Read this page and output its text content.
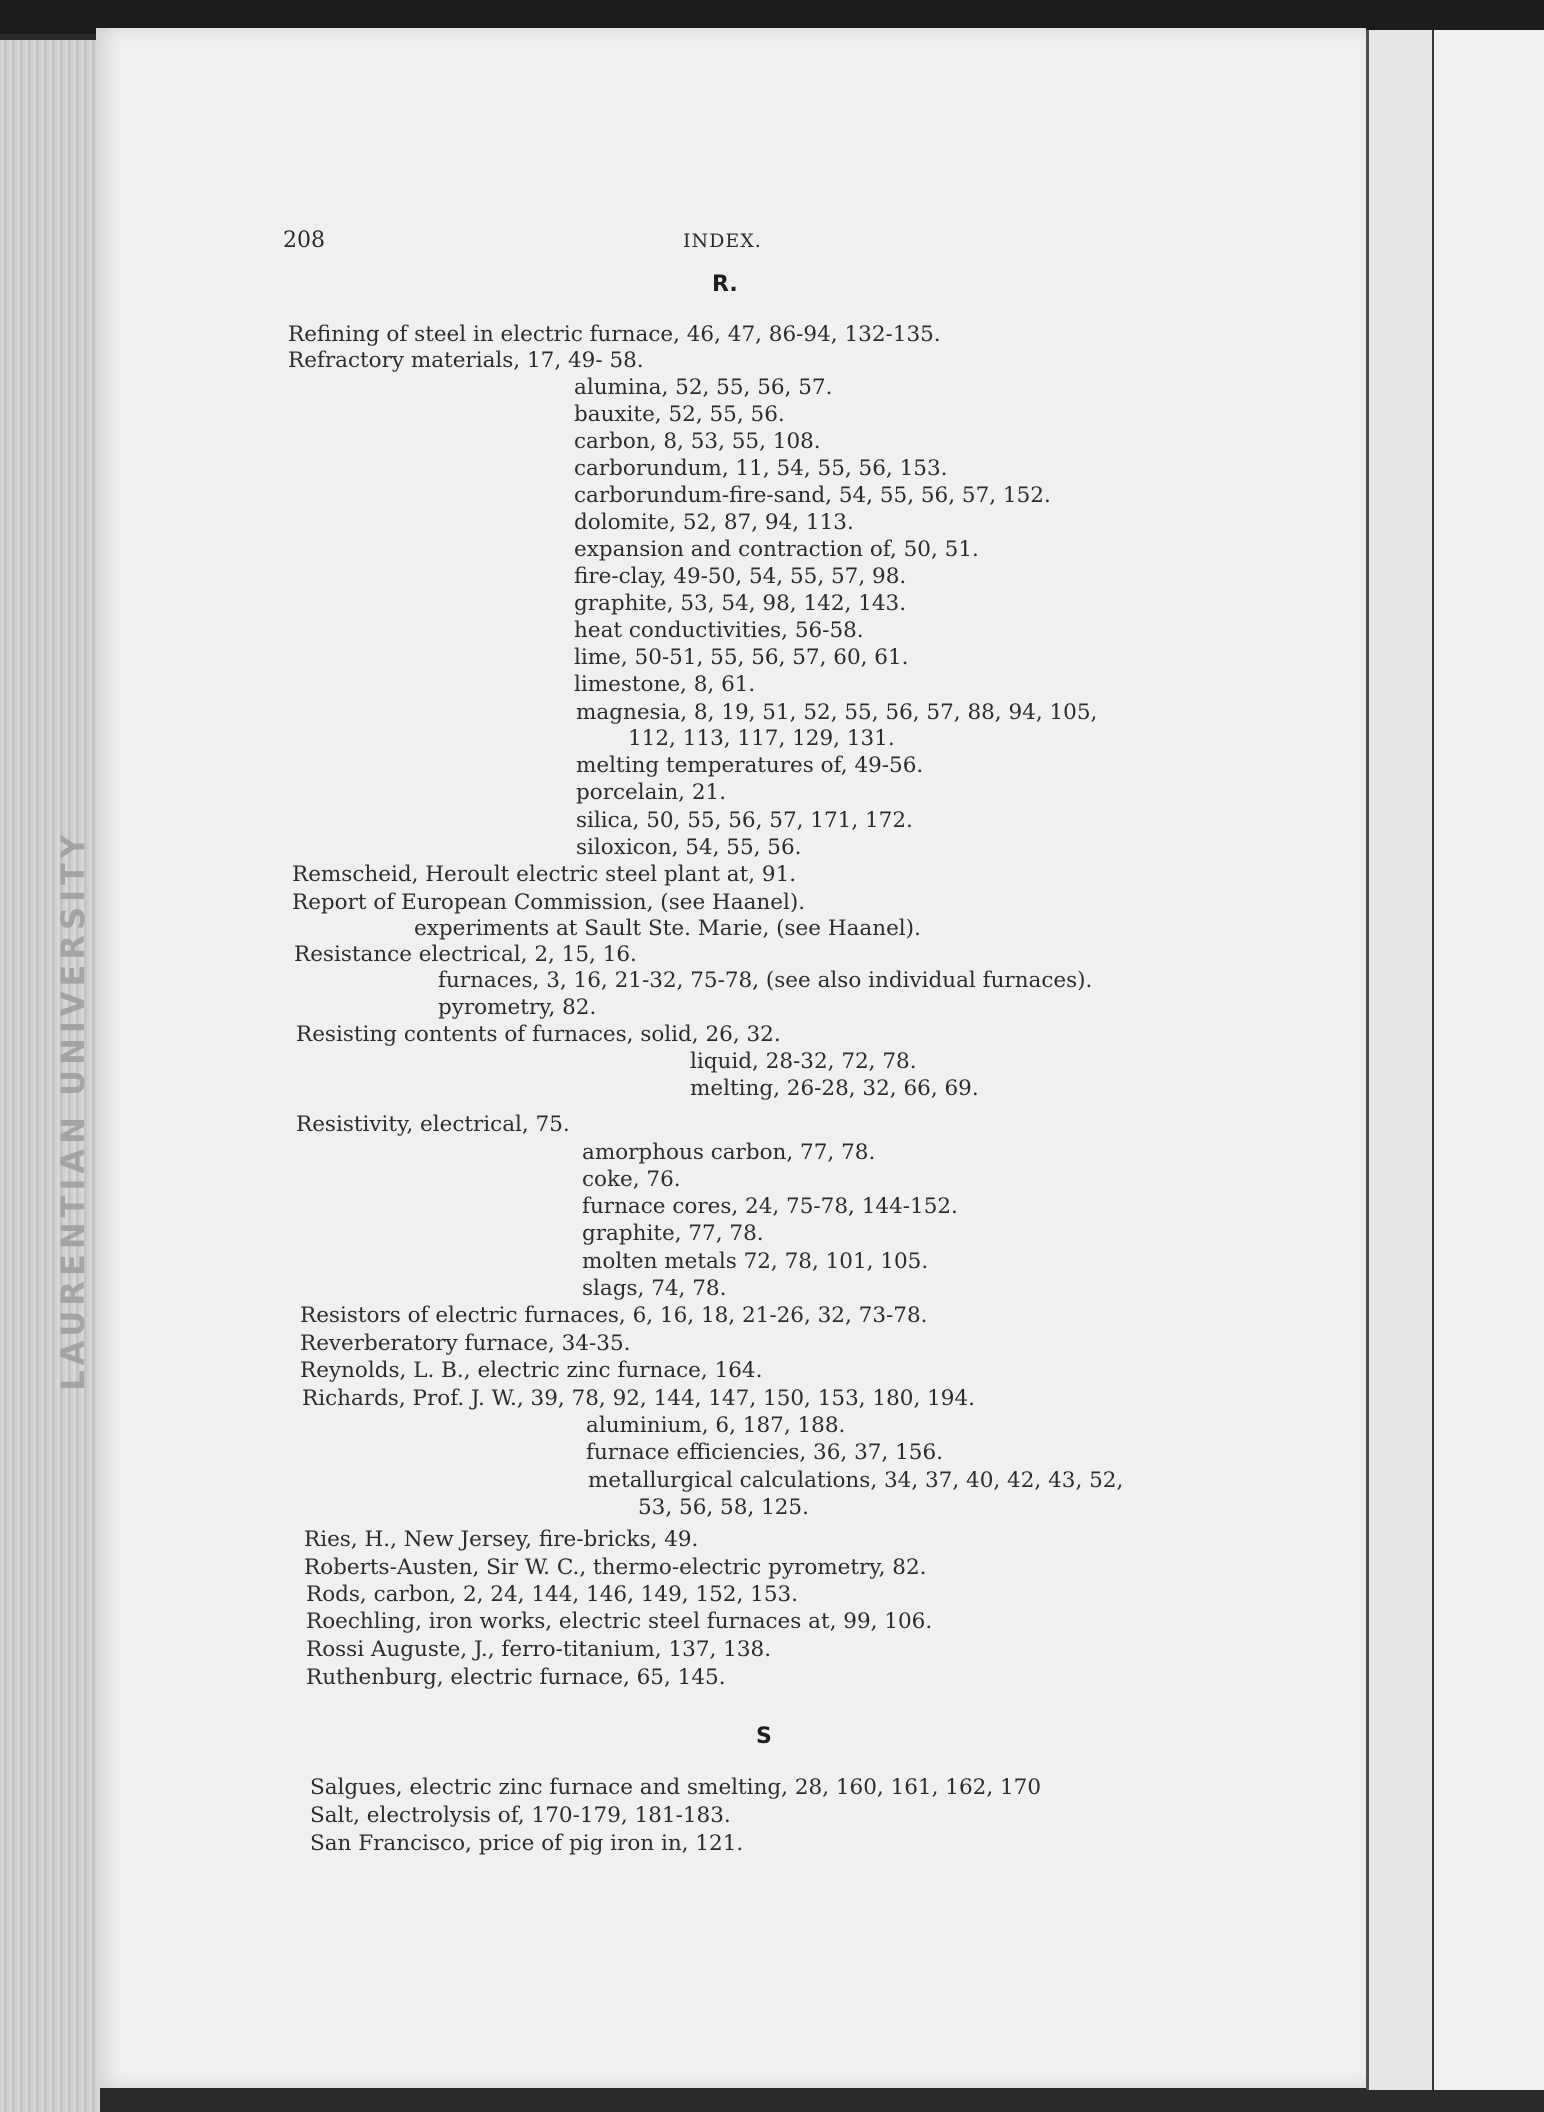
LAURENTIAN UNIVERSITY
208	INDEX.
R.
Refining of steel in electric furnace, 46, 47, 86-94, 132-135.
Refractory materials, 17, 49- 58.
alumina, 52, 55, 56, 57.
bauxite, 52, 55, 56.
carbon, 8, 53, 55, 108.
carborundum, 11, 54, 55, 56, 153.
carborundum-fire-sand, 54, 55, 56, 57, 152.
dolomite, 52, 87, 94, 113.
expansion and contraction of, 50, 51.
fire-clay, 49-50, 54, 55, 57, 98.
graphite, 53, 54, 98, 142, 143.
heat conductivities, 56-58.
lime, 50-51, 55, 56, 57, 60, 61.
limestone, 8, 61.
magnesia, 8, 19, 51, 52, 55, 56, 57, 88, 94, 105,
112, 113, 117, 129, 131.
melting temperatures of, 49-56.
porcelain, 21.
silica, 50, 55, 56, 57, 171, 172.
siloxicon, 54, 55, 56.
Remscheid, Heroult electric steel plant at, 91.
Report of European Commission, (see Haanel).
experiments at Sault Ste. Marie, (see Haanel).
Resistance electrical, 2, 15, 16.
furnaces, 3, 16, 21-32, 75-78, (see also individual furnaces).
pyrometry, 82.
Resisting contents of furnaces, solid, 26, 32.
liquid, 28-32, 72, 78.
melting, 26-28, 32, 66, 69.
Resistivity, electrical, 75.
amorphous carbon, 77, 78.
coke, 76.
furnace cores, 24, 75-78, 144-152.
graphite, 77, 78.
molten metals 72, 78, 101, 105.
slags, 74, 78.
Resistors of electric furnaces, 6, 16, 18, 21-26, 32, 73-78.
Reverberatory furnace, 34-35.
Reynolds, L. B., electric zinc furnace, 164.
Richards, Prof. J. W., 39, 78, 92, 144, 147, 150, 153, 180, 194.
aluminium, 6, 187, 188.
furnace efficiencies, 36, 37, 156.
metallurgical calculations, 34, 37, 40, 42, 43, 52,
53, 56, 58, 125.
Ries, H., New Jersey, fire-bricks, 49.
Roberts-Austen, Sir W. C., thermo-electric pyrometry, 82.
Rods, carbon, 2, 24, 144, 146, 149, 152, 153.
Roechling, iron works, electric steel furnaces at, 99, 106.
Rossi Auguste, J., ferro-titanium, 137, 138.
Ruthenburg, electric furnace, 65, 145.
S
Salgues, electric zinc furnace and smelting, 28, 160, 161, 162, 170
Salt, electrolysis of, 170-179, 181-183.
San Francisco, price of pig iron in, 121.
